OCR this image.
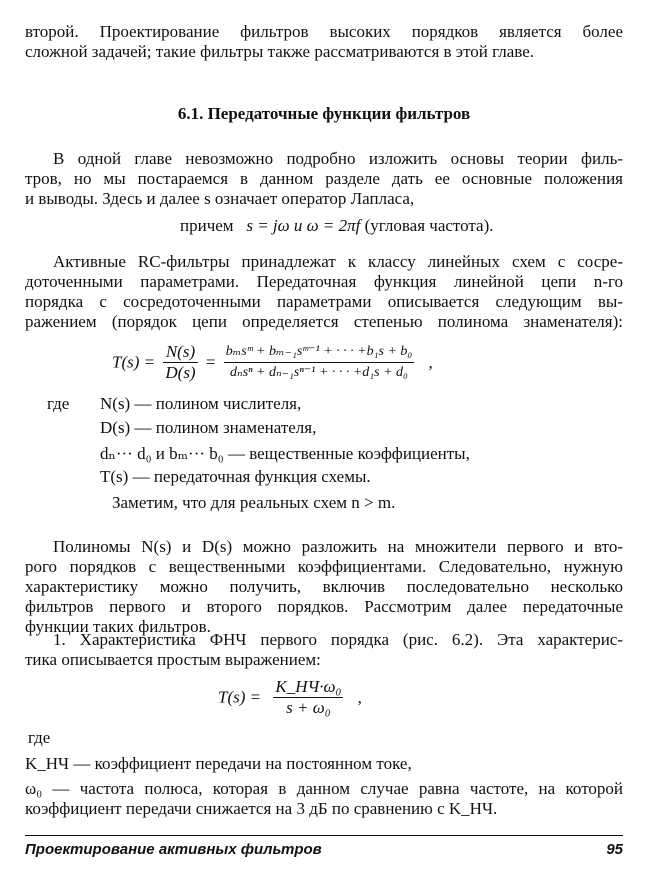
второй. Проектирование фильтров высоких порядков является более

сложной задачей; такие фильтры также рассматриваются в этой главе.

6.1. Передаточные функции фильтров

В одной главе невозможно подробно изложить основы теории филь-

тров, но мы постараемся в данном разделе дать ее основные положения

и выводы. Здесь и далее s означает оператор Лапласа,

причем s = jω и ω = 2πf (угловая частота).

Активные RC-фильтры принадлежат к классу линейных схем с сосре-

доточенными параметрами. Передаточная функция линейной цепи n-го

порядка с сосредоточенными параметрами описывается следующим вы-

ражением (порядок цепи определяется степенью полинома знаменателя):

$T(s) = \frac{N(s)}{D(s)} = \frac{\text{bₘsᵐ + bₘ₋₁sᵐ⁻¹ + · · · +b₁s + b₀}}{\text{dₙsⁿ + dₙ₋₁sⁿ⁻¹ + · · · +d₁s + d₀}}$ ,
где N(s) — полином числителя,
D(s) — полином знаменателя,
dₙ··· d₀ и bₘ··· b₀ — вещественные коэффициенты,
T(s) — передаточная функция схемы.
Заметим, что для реальных схем n > m.

Полиномы N(s) и D(s) можно разложить на множители первого и вто-

рого порядков с вещественными коэффициентами. Следовательно, нужную

характеристику можно получить, включив последовательно несколько

фильтров первого и второго порядков. Рассмотрим далее передаточные

функции таких фильтров.

1. Характеристика ФНЧ первого порядка (рис. 6.2). Эта характерис-

тика описывается простым выражением:

$T(s) = \frac{\text{K\_НЧ·ω₀}}{\text{s + ω₀}}$ ,

где

K_НЧ — коэффициент передачи на постоянном токе,

ω₀ — частота полюса, которая в данном случае равна частоте, на которой

коэффициент передачи снижается на 3 дБ по сравнению с K_НЧ.

Проектирование активных фильтров	95
